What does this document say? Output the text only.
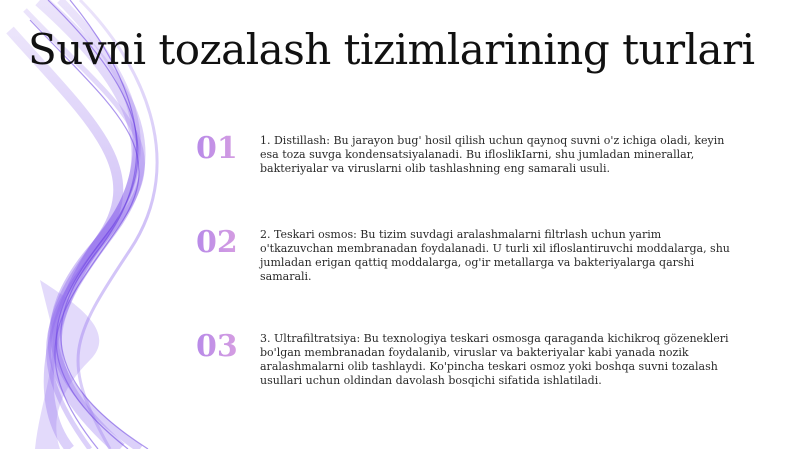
Suvni tozalash tizimlarining turlari
01	1. Distillash: Bu jarayon bug' hosil qilish uchun qaynoq suvni o'z ichiga oladi, keyin esa toza suvga kondensatsiyalanadi. Bu ifloslikIarni, shu jumladan minerallar, bakteriyalar va viruslarni olib tashlashning eng samarali usuli.
02	2. Teskari osmos: Bu tizim suvdagi aralashmalarni filtrlash uchun yarim o'tkazuvchan membranadan foydalanadi. U turli xil ifloslantiruvchi moddalarga, shu jumladan erigan qattiq moddalarga, og'ir metallarga va bakteriyalarga qarshi samarali.
03	3. Ultrafiltratsiya: Bu texnologiya teskari osmosga qaraganda kichikroq gözenekleri bo'lgan membranadan foydalanib, viruslar va bakteriyalar kabi yanada nozik aralashmalarni olib tashlaydi. Ko'pincha teskari osmoz yoki boshqa suvni tozalash usullari uchun oldindan davolash bosqichi sifatida ishlatiladi.
